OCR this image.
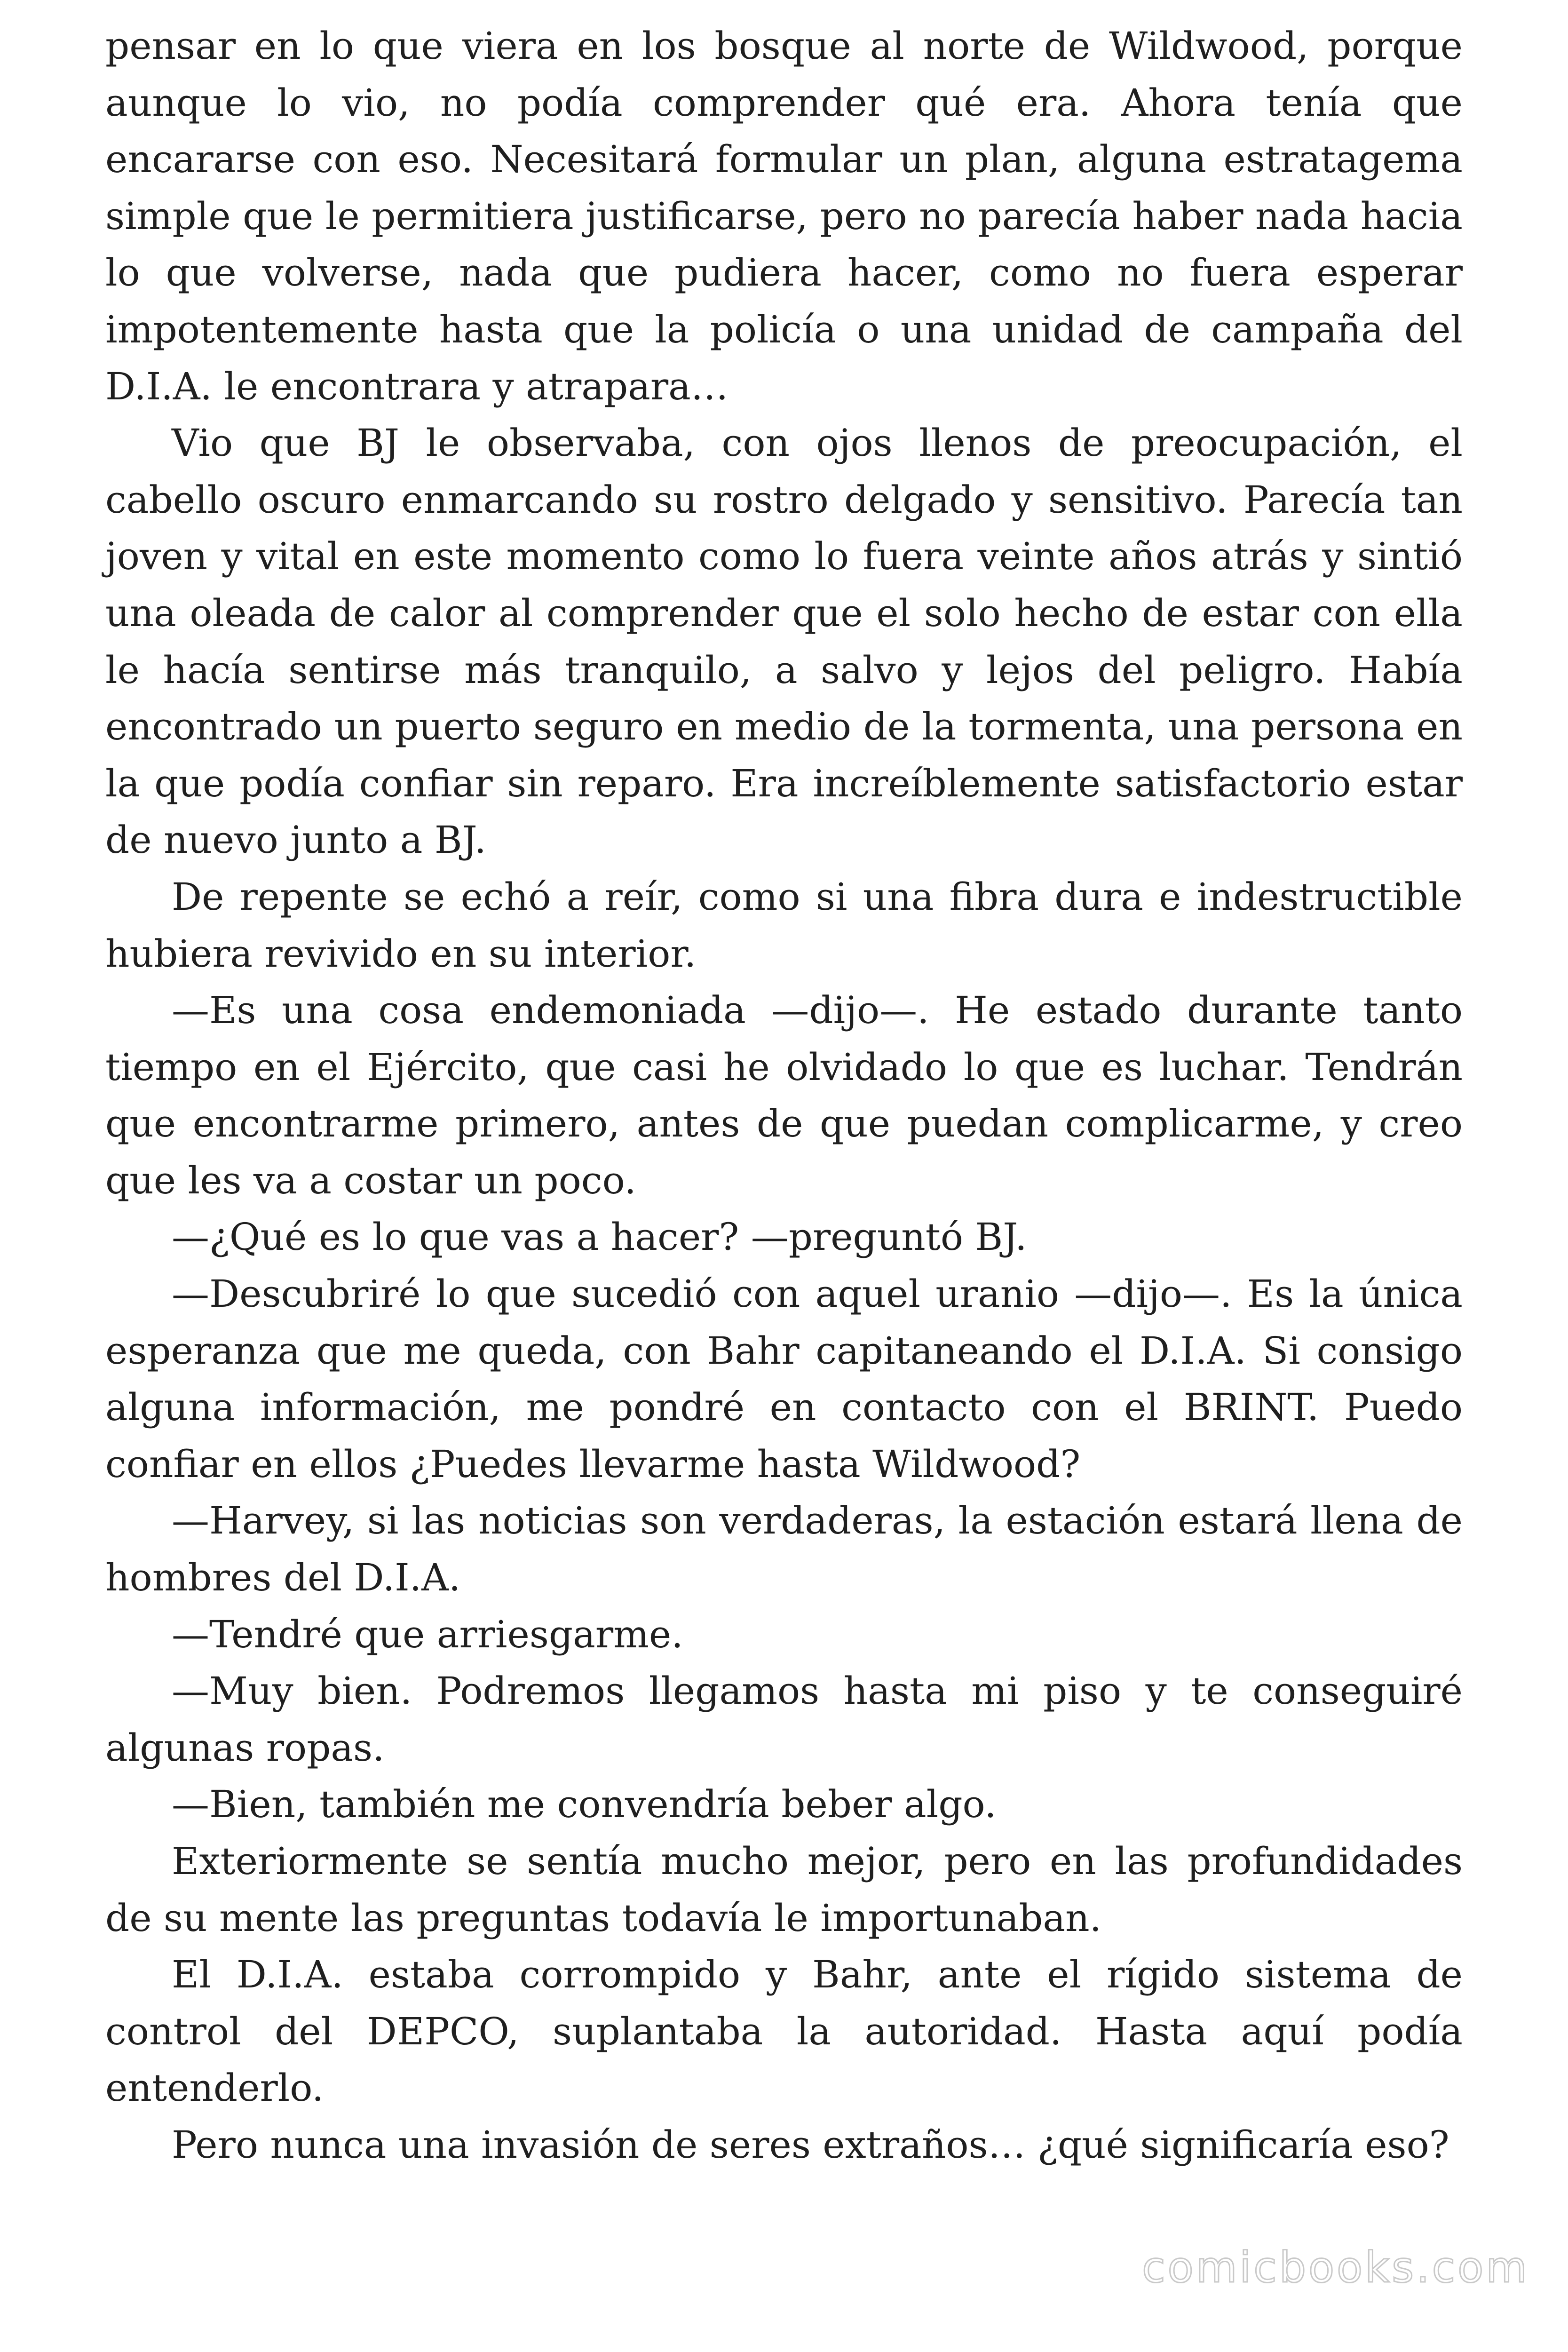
pensar en lo que viera en los bosque al norte de Wildwood, porque aunque lo vio, no podía comprender qué era. Ahora tenía que encararse con eso. Necesitará formular un plan, alguna estratagema simple que le permitiera justificarse, pero no parecía haber nada hacia lo que volverse, nada que pudiera hacer, como no fuera esperar impotentemente hasta que la policía o una unidad de campaña del D.I.A. le encontrara y atrapara…

Vio que BJ le observaba, con ojos llenos de preocupación, el cabello oscuro enmarcando su rostro delgado y sensitivo. Parecía tan joven y vital en este momento como lo fuera veinte años atrás y sintió una oleada de calor al comprender que el solo hecho de estar con ella le hacía sentirse más tranquilo, a salvo y lejos del peligro. Había encontrado un puerto seguro en medio de la tormenta, una persona en la que podía confiar sin reparo. Era increíblemente satisfactorio estar de nuevo junto a BJ.

De repente se echó a reír, como si una fibra dura e indestructible hubiera revivido en su interior.

—Es una cosa endemoniada —dijo—. He estado durante tanto tiempo en el Ejército, que casi he olvidado lo que es luchar. Tendrán que encontrarme primero, antes de que puedan complicarme, y creo que les va a costar un poco.

—¿Qué es lo que vas a hacer? —preguntó BJ.

—Descubriré lo que sucedió con aquel uranio —dijo—. Es la única esperanza que me queda, con Bahr capitaneando el D.I.A. Si consigo alguna información, me pondré en contacto con el BRINT. Puedo confiar en ellos ¿Puedes llevarme hasta Wildwood?

—Harvey, si las noticias son verdaderas, la estación estará llena de hombres del D.I.A.

—Tendré que arriesgarme.

—Muy bien. Podremos llegamos hasta mi piso y te conseguiré algunas ropas.

—Bien, también me convendría beber algo.

Exteriormente se sentía mucho mejor, pero en las profundidades de su mente las preguntas todavía le importunaban.

El D.I.A. estaba corrompido y Bahr, ante el rígido sistema de control del DEPCO, suplantaba la autoridad. Hasta aquí podía entenderlo.

Pero nunca una invasión de seres extraños… ¿qué significaría eso?

comicbooks.com
